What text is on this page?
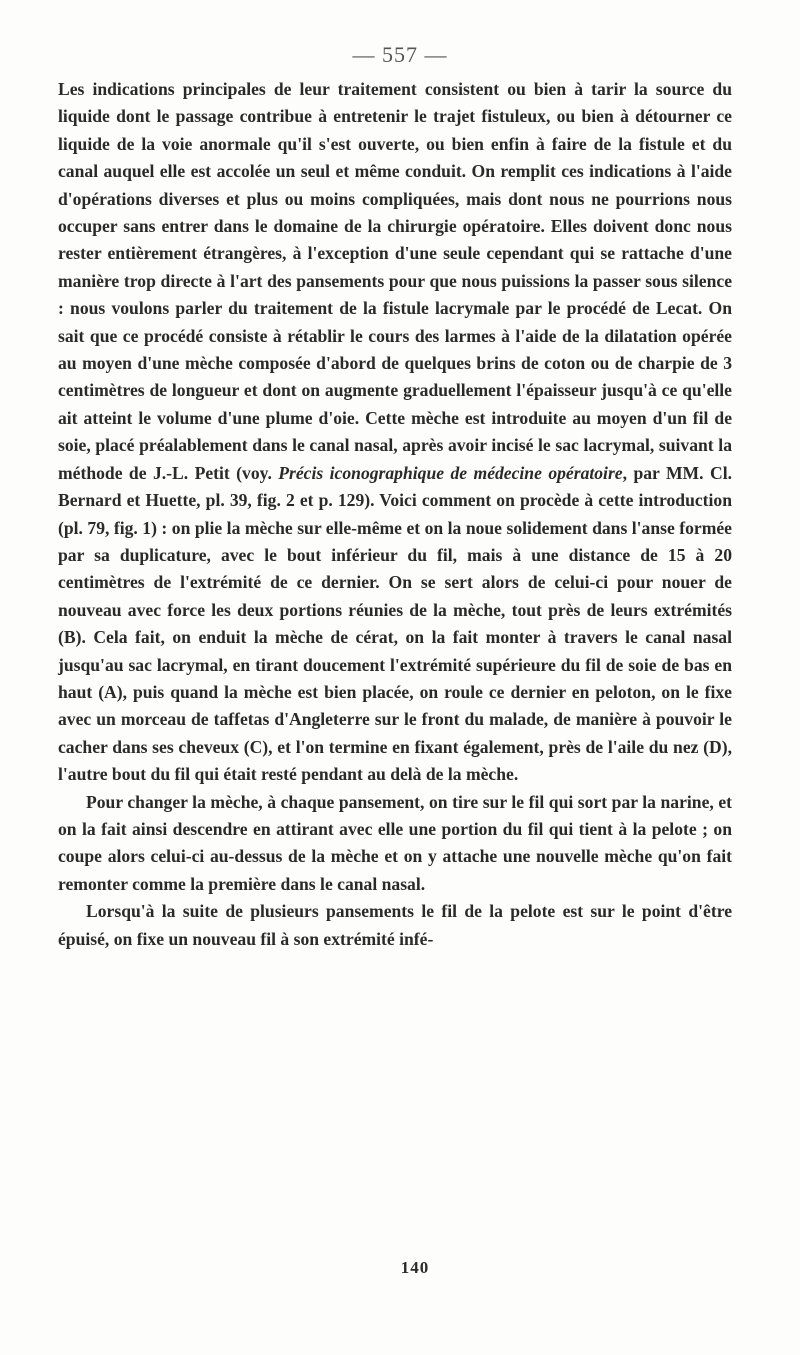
— 557 —

Les indications principales de leur traitement consistent ou bien à tarir la source du liquide dont le passage contribue à entretenir le trajet fistuleux, ou bien à détourner ce liquide de la voie anormale qu'il s'est ouverte, ou bien enfin à faire de la fistule et du canal auquel elle est accolée un seul et même conduit. On remplit ces indications à l'aide d'opérations diverses et plus ou moins compliquées, mais dont nous ne pourrions nous occuper sans entrer dans le domaine de la chirurgie opératoire. Elles doivent donc nous rester entièrement étrangères, à l'exception d'une seule cependant qui se rattache d'une manière trop directe à l'art des pansements pour que nous puissions la passer sous silence : nous voulons parler du traitement de la fistule lacrymale par le procédé de Lecat. On sait que ce procédé consiste à rétablir le cours des larmes à l'aide de la dilatation opérée au moyen d'une mèche composée d'abord de quelques brins de coton ou de charpie de 3 centimètres de longueur et dont on augmente graduellement l'épaisseur jusqu'à ce qu'elle ait atteint le volume d'une plume d'oie. Cette mèche est introduite au moyen d'un fil de soie, placé préalablement dans le canal nasal, après avoir incisé le sac lacrymal, suivant la méthode de J.-L. Petit (voy. Précis iconographique de médecine opératoire, par MM. Cl. Bernard et Huette, pl. 39, fig. 2 et p. 129). Voici comment on procède à cette introduction (pl. 79, fig. 1) : on plie la mèche sur elle-même et on la noue solidement dans l'anse formée par sa duplicature, avec le bout inférieur du fil, mais à une distance de 15 à 20 centimètres de l'extrémité de ce dernier. On se sert alors de celui-ci pour nouer de nouveau avec force les deux portions réunies de la mèche, tout près de leurs extrémités (B). Cela fait, on enduit la mèche de cérat, on la fait monter à travers le canal nasal jusqu'au sac lacrymal, en tirant doucement l'extrémité supérieure du fil de soie de bas en haut (A), puis quand la mèche est bien placée, on roule ce dernier en peloton, on le fixe avec un morceau de taffetas d'Angleterre sur le front du malade, de manière à pouvoir le cacher dans ses cheveux (C), et l'on termine en fixant également, près de l'aile du nez (D), l'autre bout du fil qui était resté pendant au delà de la mèche.

Pour changer la mèche, à chaque pansement, on tire sur le fil qui sort par la narine, et on la fait ainsi descendre en attirant avec elle une portion du fil qui tient à la pelote ; on coupe alors celui-ci au-dessus de la mèche et on y attache une nouvelle mèche qu'on fait remonter comme la première dans le canal nasal.

Lorsqu'à la suite de plusieurs pansements le fil de la pelote est sur le point d'être épuisé, on fixe un nouveau fil à son extrémité infé-

140
